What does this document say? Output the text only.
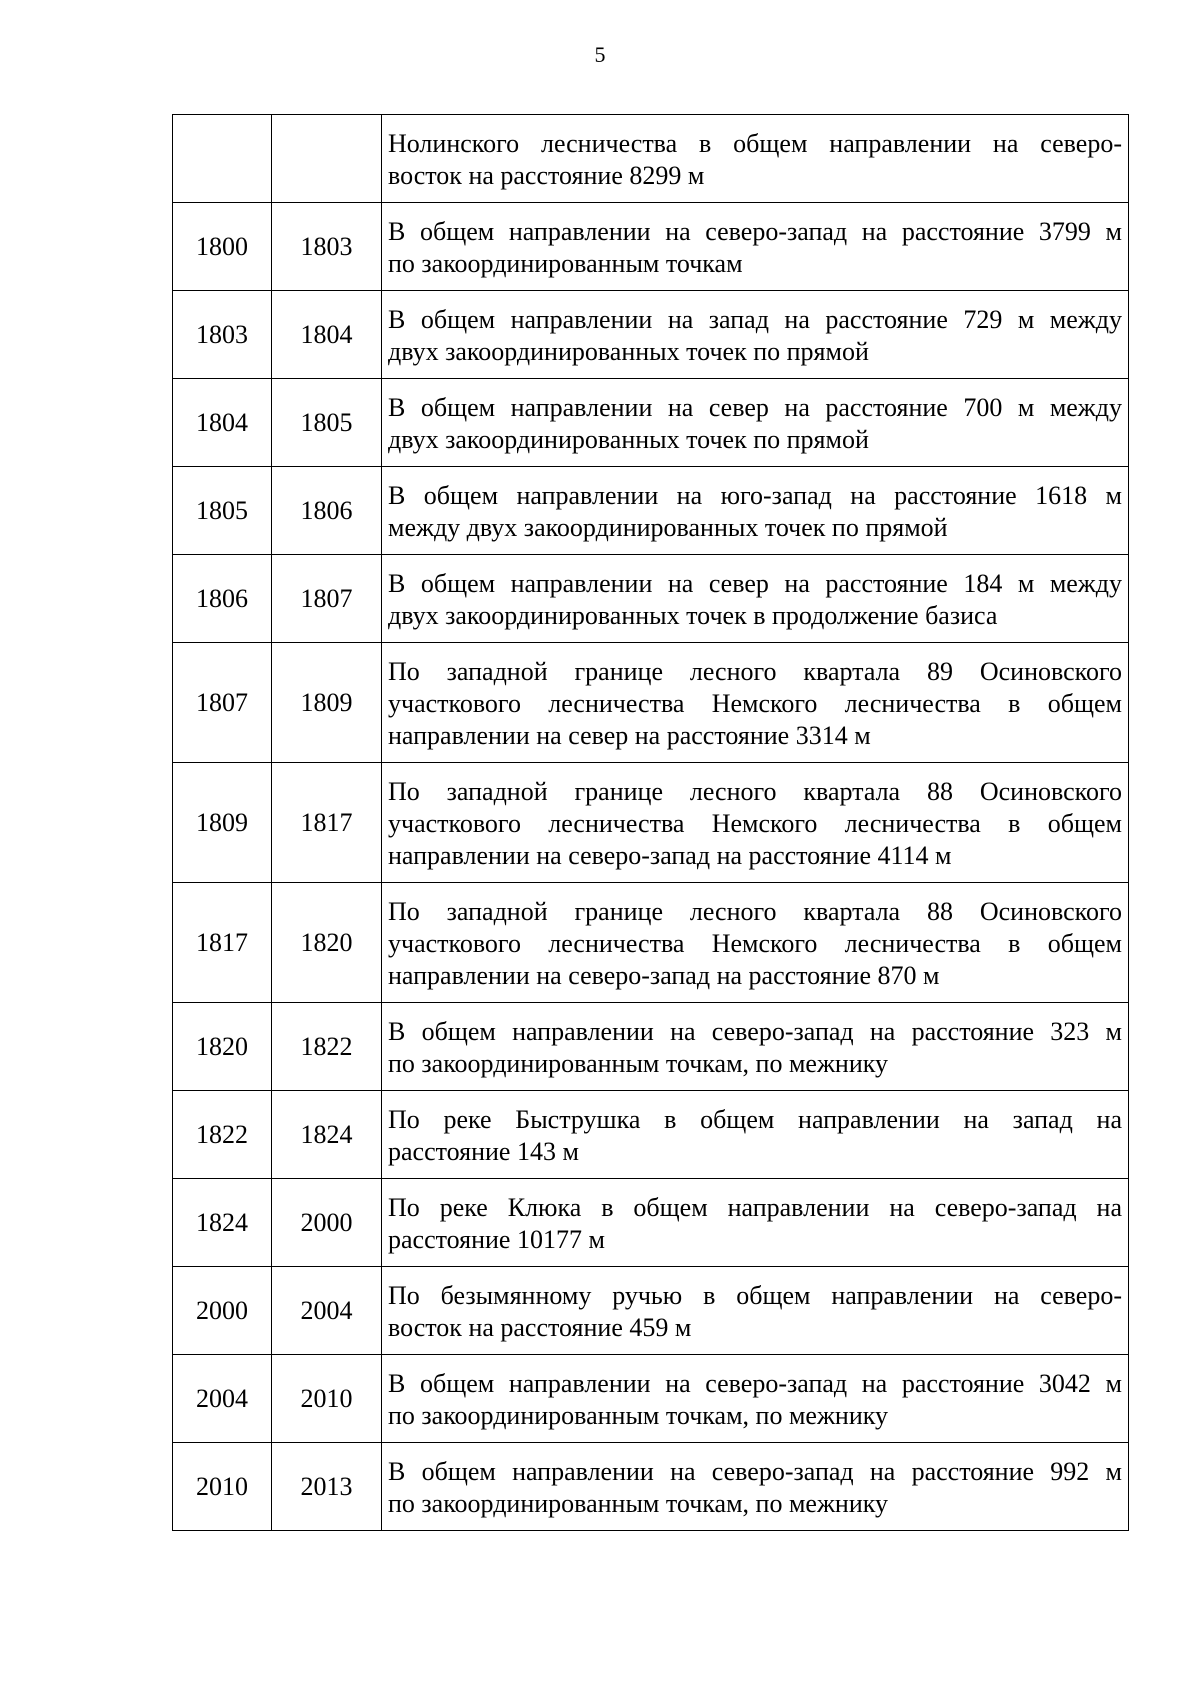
5

		Нолинского лесничества в общем направлении на северо-
восток на расстояние 8299 м

1800	1803	В общем направлении на северо-запад на расстояние 3799 м
по закоординированным точкам

1803	1804	В общем направлении на запад на расстояние 729 м между
двух закоординированных точек по прямой

1804	1805	В общем направлении на север на расстояние 700 м между
двух закоординированных точек по прямой

1805	1806	В общем направлении на юго-запад на расстояние 1618 м
между двух закоординированных точек по прямой

1806	1807	В общем направлении на север на расстояние 184 м между
двух закоординированных точек в продолжение базиса

1807	1809	По западной границе лесного квартала 89 Осиновского
участкового лесничества Немского лесничества в общем
направлении на север на расстояние 3314 м

1809	1817	По западной границе лесного квартала 88 Осиновского
участкового лесничества Немского лесничества в общем
направлении на северо-запад на расстояние 4114 м

1817	1820	По западной границе лесного квартала 88 Осиновского
участкового лесничества Немского лесничества в общем
направлении на северо-запад на расстояние 870 м

1820	1822	В общем направлении на северо-запад на расстояние 323 м
по закоординированным точкам, по межнику

1822	1824	По реке Быструшка в общем направлении на запад на
расстояние 143 м

1824	2000	По реке Клюка в общем направлении на северо-запад на
расстояние 10177 м

2000	2004	По безымянному ручью в общем направлении на северо-
восток на расстояние 459 м

2004	2010	В общем направлении на северо-запад на расстояние 3042 м
по закоординированным точкам, по межнику

2010	2013	В общем направлении на северо-запад на расстояние 992 м
по закоординированным точкам, по межнику
